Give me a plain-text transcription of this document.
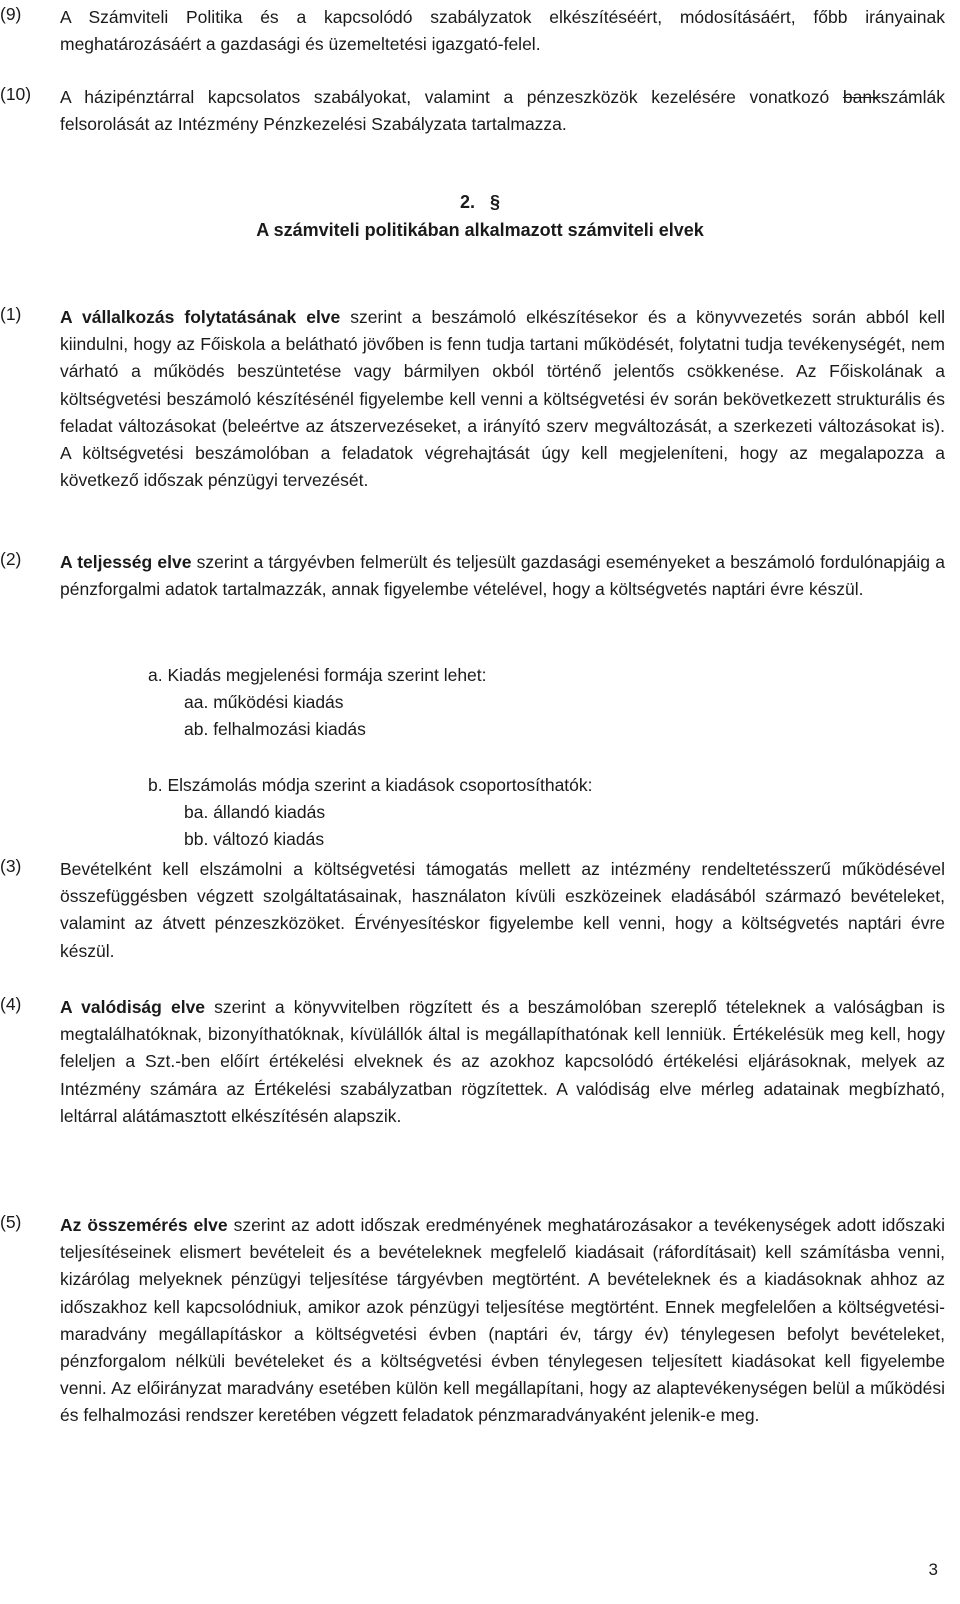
(9) A Számviteli Politika és a kapcsolódó szabályzatok elkészítéséért, módosításáért, főbb irányainak meghatározásáért a gazdasági és üzemeltetési igazgató-felel.

(10) A házipénztárral kapcsolatos szabályokat, valamint a pénzeszközök kezelésére vonatkozó bankszámlák felsorolását az Intézmény Pénzkezelési Szabályzata tartalmazza.

2. §
A számviteli politikában alkalmazott számviteli elvek
(1) A vállalkozás folytatásának elve szerint a beszámoló elkészítésekor és a könyvvezetés során abból kell kiindulni, hogy az Főiskola a belátható jövőben is fenn tudja tartani működését, folytatni tudja tevékenységét, nem várható a működés beszüntetése vagy bármilyen okból történő jelentős csökkenése. Az Főiskolának a költségvetési beszámoló készítésénél figyelembe kell venni a költségvetési év során bekövetkezett strukturális és feladat változásokat (beleértve az átszervezéseket, a irányító szerv megváltozását, a szerkezeti változásokat is). A költségvetési beszámolóban a feladatok végrehajtását úgy kell megjeleníteni, hogy az megalapozza a következő időszak pénzügyi tervezését.

(2) A teljesség elve szerint a tárgyévben felmerült és teljesült gazdasági eseményeket a beszámoló fordulónapjáig a pénzforgalmi adatok tartalmazzák, annak figyelembe vételével, hogy a költségvetés naptári évre készül.

a. Kiadás megjelenési formája szerint lehet:
aa. működési kiadás
ab. felhalmozási kiadás
b. Elszámolás módja szerint a kiadások csoportosíthatók:
ba. állandó kiadás
bb. változó kiadás
(3) Bevételként kell elszámolni a költségvetési támogatás mellett az intézmény rendeltetésszerű működésével összefüggésben végzett szolgáltatásainak, használaton kívüli eszközeinek eladásából származó bevételeket, valamint az átvett pénzeszközöket. Érvényesítéskor figyelembe kell venni, hogy a költségvetés naptári évre készül.

(4) A valódiság elve szerint a könyvvitelben rögzített és a beszámolóban szereplő tételeknek a valóságban is megtalálhatóknak, bizonyíthatóknak, kívülállók által is megállapíthatónak kell lenniük. Értékelésük meg kell, hogy feleljen a Szt.-ben előírt értékelési elveknek és az azokhoz kapcsolódó értékelési eljárásoknak, melyek az Intézmény számára az Értékelési szabályzatban rögzítettek. A valódiság elve mérleg adatainak megbízható, leltárral alátámasztott elkészítésén alapszik.

(5) Az összemérés elve szerint az adott időszak eredményének meghatározásakor a tevékenységek adott időszaki teljesítéseinek elismert bevételeit és a bevételeknek megfelelő kiadásait (ráfordításait) kell számításba venni, kizárólag melyeknek pénzügyi teljesítése tárgyévben megtörtént. A bevételeknek és a kiadásoknak ahhoz az időszakhoz kell kapcsolódniuk, amikor azok pénzügyi teljesítése megtörtént. Ennek megfelelően a költségvetési-maradvány megállapításkor a költségvetési évben (naptári év, tárgy év) ténylegesen befolyt bevételeket, pénzforgalom nélküli bevételeket és a költségvetési évben ténylegesen teljesített kiadásokat kell figyelembe venni. Az előirányzat maradvány esetében külön kell megállapítani, hogy az alaptevékenységen belül a működési és felhalmozási rendszer keretében végzett feladatok pénzmaradványaként jelenik-e meg.

3
